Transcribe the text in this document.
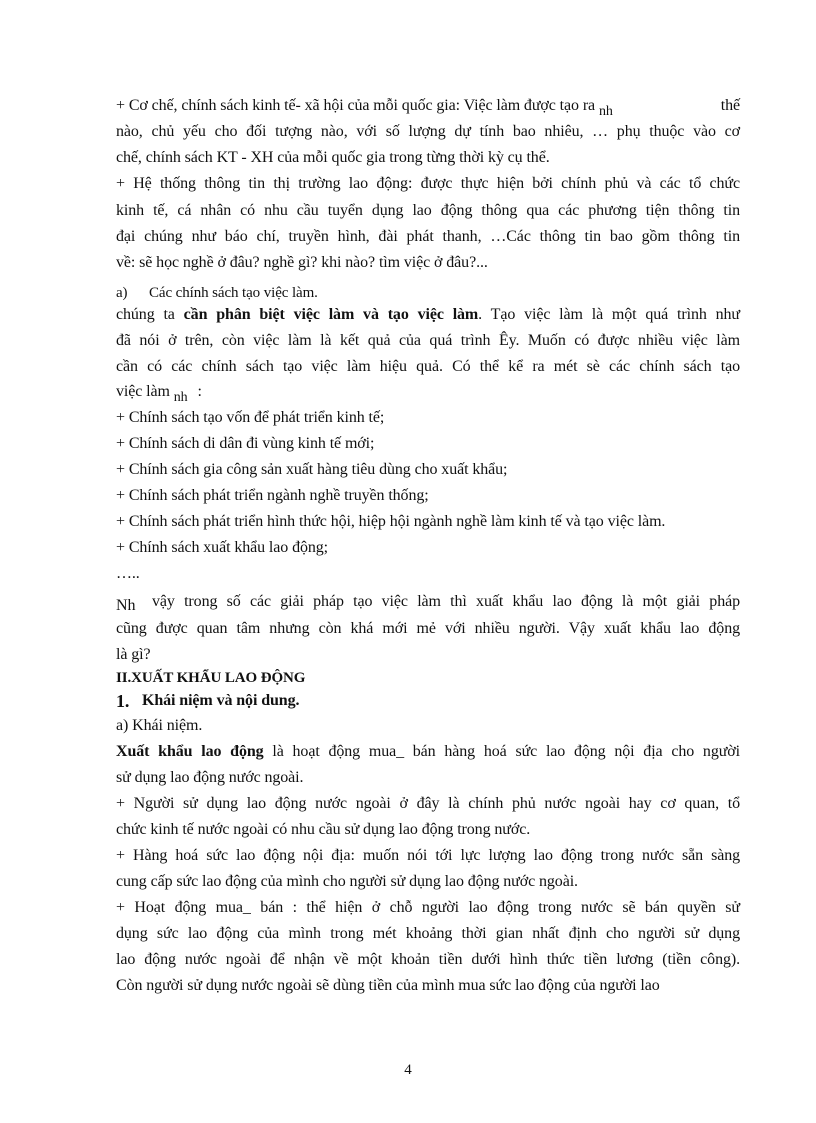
+ Cơ chế, chính sách kinh tế- xã hội của mỗi quốc gia: Việc làm được tạo ra nh	thế
nào, chủ yếu cho đối tượng nào, với số lượng dự tính bao nhiêu, … phụ thuộc vào cơ
chế, chính sách KT - XH của mỗi quốc gia trong từng thời kỳ cụ thể.
+ Hệ thống thông tin thị trường lao động: được thực hiện bởi chính phủ và các tổ chức
kinh tế, cá nhân có nhu cầu tuyển dụng lao động thông qua các phương tiện thông tin
đại chúng như báo chí, truyền hình, đài phát thanh, …Các thông tin bao gồm thông tin
về: sẽ học nghề ở đâu? nghề gì? khi nào? tìm việc ở đâu?...
a) Các chính sách tạo việc làm.
chúng ta cần phân biệt việc làm và tạo việc làm. Tạo việc làm là một quá trình như
đã nói ở trên, còn việc làm là kết quả của quá trình Êy. Muốn có được nhiều việc làm
cần có các chính sách tạo việc làm hiệu quả. Có thể kể ra mét sè các chính sách tạo
việc làm nh :
+ Chính sách tạo vốn để phát triển kinh tế;
+ Chính sách di dân đi vùng kinh tế mới;
+ Chính sách gia công sản xuất hàng tiêu dùng cho xuất khẩu;
+ Chính sách phát triển ngành nghề truyền thống;
+ Chính sách phát triển hình thức hội, hiệp hội ngành nghề làm kinh tế và tạo việc làm.
+ Chính sách xuất khẩu lao động;
…..
Nh vậy trong số các giải pháp tạo việc làm thì xuất khẩu lao động là một giải pháp
cũng được quan tâm nhưng còn khá mới mẻ với nhiều người. Vậy xuất khẩu lao động
là gì?
II.XUẤT KHẨU LAO ĐỘNG
1. Khái niệm và nội dung.
a) Khái niệm.
Xuất khẩu lao động là hoạt động mua_ bán hàng hoá sức lao động nội địa cho người
sử dụng lao động nước ngoài.
+ Người sử dụng lao động nước ngoài ở đây là chính phủ nước ngoài hay cơ quan, tổ
chức kinh tế nước ngoài có nhu cầu sử dụng lao động trong nước.
+ Hàng hoá sức lao động nội địa: muốn nói tới lực lượng lao động trong nước sẵn sàng
cung cấp sức lao động của mình cho người sử dụng lao động nước ngoài.
+ Hoạt động mua_ bán : thể hiện ở chỗ người lao động trong nước sẽ bán quyền sử
dụng sức lao động của mình trong mét khoảng thời gian nhất định cho người sử dụng
lao động nước ngoài để nhận về một khoản tiền dưới hình thức tiền lương (tiền công).
Còn người sử dụng nước ngoài sẽ dùng tiền của mình mua sức lao động của người lao
4
